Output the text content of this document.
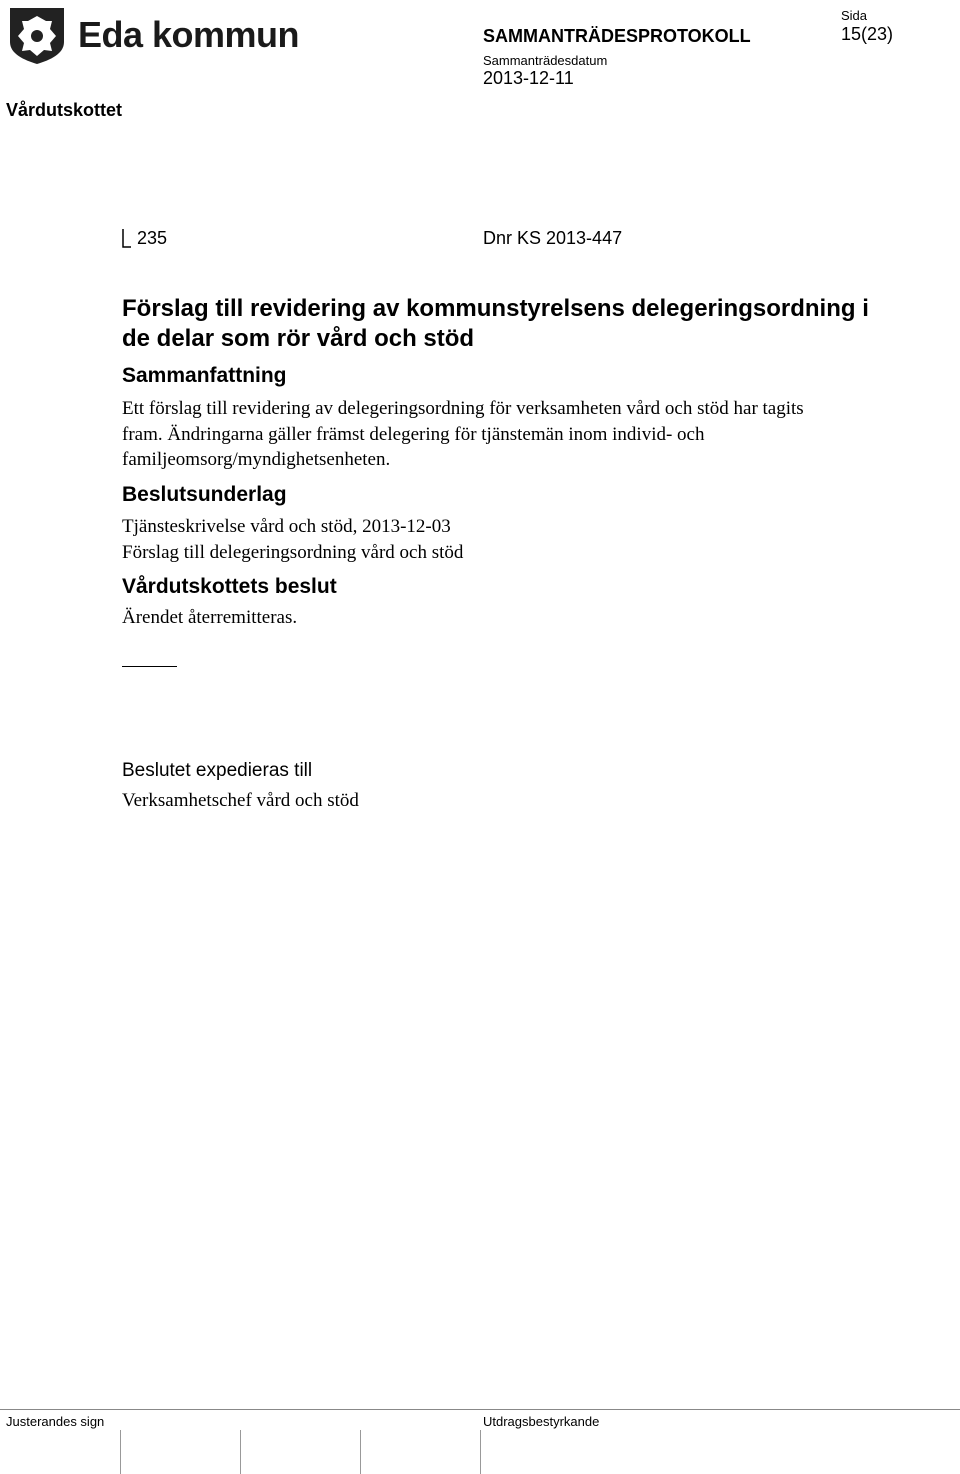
Eda kommun	SAMMANTRÄDESPROTOKOLL
Sammanträdesdatum
2013-12-11
Sida
15(23)
Vårdutskottet
235	Dnr KS 2013-447
Förslag till revidering av kommunstyrelsens delegeringsordning i de delar som rör vård och stöd
Sammanfattning
Ett förslag till revidering av delegeringsordning för verksamheten vård och stöd har tagits fram. Ändringarna gäller främst delegering för tjänstemän inom individ- och familjeomsorg/myndighetsenheten.
Beslutsunderlag
Tjänsteskrivelse vård och stöd, 2013-12-03
Förslag till delegeringsordning vård och stöd
Vårdutskottets beslut
Ärendet återremitteras.
Beslutet expedieras till
Verksamhetschef vård och stöd
Justerandes sign	Utdragsbestyrkande
